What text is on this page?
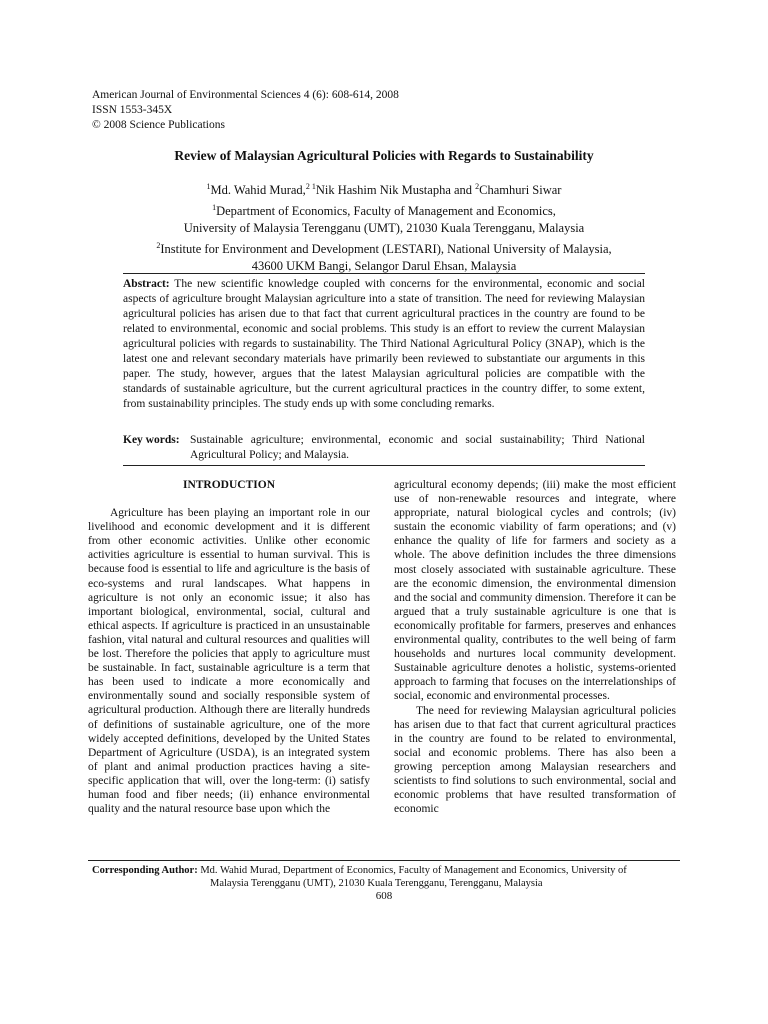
American Journal of Environmental Sciences 4 (6): 608-614, 2008
ISSN 1553-345X
© 2008 Science Publications
Review of Malaysian Agricultural Policies with Regards to Sustainability
$^1$Md. Wahid Murad,$^{2 1}$Nik Hashim Nik Mustapha and $^2$Chamhuri Siwar
$^1$Department of Economics, Faculty of Management and Economics,
University of Malaysia Terengganu (UMT), 21030 Kuala Terengganu, Malaysia
$^2$Institute for Environment and Development (LESTARI), National University of Malaysia,
43600 UKM Bangi, Selangor Darul Ehsan, Malaysia
Abstract: The new scientific knowledge coupled with concerns for the environmental, economic and social aspects of agriculture brought Malaysian agriculture into a state of transition. The need for reviewing Malaysian agricultural policies has arisen due to that fact that current agricultural practices in the country are found to be related to environmental, economic and social problems. This study is an effort to review the current Malaysian agricultural policies with regards to sustainability. The Third National Agricultural Policy (3NAP), which is the latest one and relevant secondary materials have primarily been reviewed to substantiate our arguments in this paper. The study, however, argues that the latest Malaysian agricultural policies are compatible with the standards of sustainable agriculture, but the current agricultural practices in the country differ, to some extent, from sustainability principles. The study ends up with some concluding remarks.
Key words: Sustainable agriculture; environmental, economic and social sustainability; Third National Agricultural Policy; and Malaysia.
INTRODUCTION

Agriculture has been playing an important role in our livelihood and economic development and it is different from other economic activities. Unlike other economic activities agriculture is essential to human survival. This is because food is essential to life and agriculture is the basis of eco-systems and rural landscapes. What happens in agriculture is not only an economic issue; it also has important biological, environmental, social, cultural and ethical aspects. If agriculture is practiced in an unsustainable fashion, vital natural and cultural resources and qualities will be lost. Therefore the policies that apply to agriculture must be sustainable. In fact, sustainable agriculture is a term that has been used to indicate a more economically and environmentally sound and socially responsible system of agricultural production. Although there are literally hundreds of definitions of sustainable agriculture, one of the more widely accepted definitions, developed by the United States Department of Agriculture (USDA), is an integrated system of plant and animal production practices having a site-specific application that will, over the long-term: (i) satisfy human food and fiber needs; (ii) enhance environmental quality and the natural resource base upon which the

agricultural economy depends; (iii) make the most efficient use of non-renewable resources and integrate, where appropriate, natural biological cycles and controls; (iv) sustain the economic viability of farm operations; and (v) enhance the quality of life for farmers and society as a whole. The above definition includes the three dimensions most closely associated with sustainable agriculture. These are the economic dimension, the environmental dimension and the social and community dimension. Therefore it can be argued that a truly sustainable agriculture is one that is economically profitable for farmers, preserves and enhances environmental quality, contributes to the well being of farm households and nurtures local community development. Sustainable agriculture denotes a holistic, systems-oriented approach to farming that focuses on the interrelationships of social, economic and environmental processes.

The need for reviewing Malaysian agricultural policies has arisen due to that fact that current agricultural practices in the country are found to be related to environmental, social and economic problems. There has also been a growing perception among Malaysian researchers and scientists to find solutions to such environmental, social and economic problems that have resulted transformation of economic

Corresponding Author: Md. Wahid Murad, Department of Economics, Faculty of Management and Economics, University of
Malaysia Terengganu (UMT), 21030 Kuala Terengganu, Terengganu, Malaysia
608
